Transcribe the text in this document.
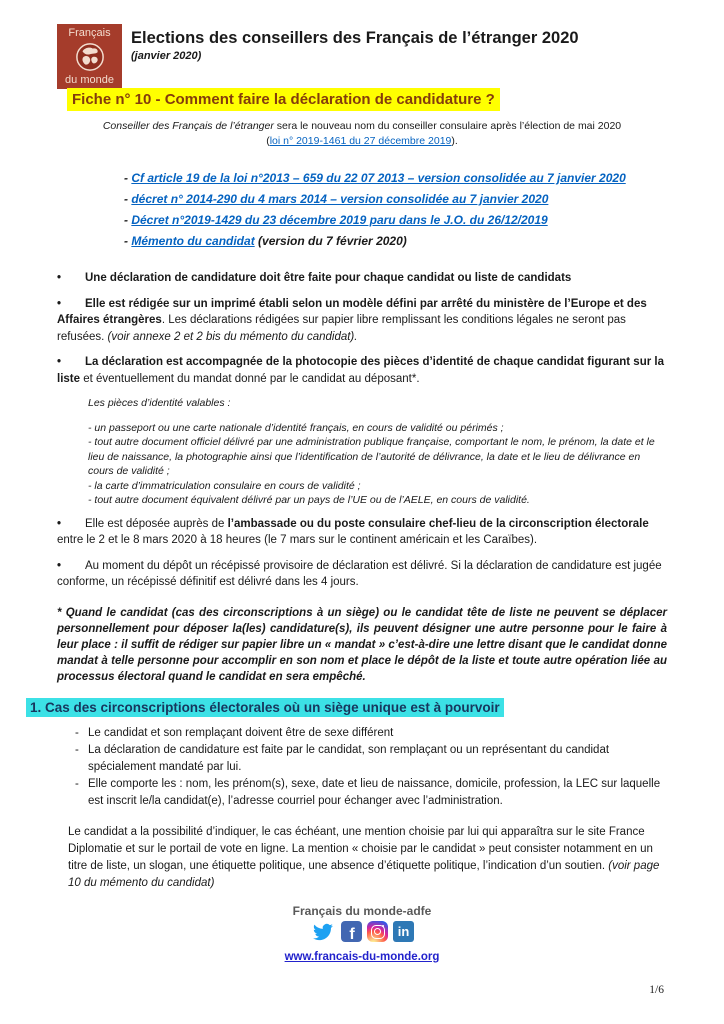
Français
du monde
Elections des conseillers des Français de l’étranger 2020
(janvier 2020)
Fiche n° 10 - Comment faire la déclaration de candidature ?
Conseiller des Français de l’étranger sera le nouveau nom du conseiller consulaire après l’élection de mai 2020
(loi n° 2019-1461 du 27 décembre 2019).
- Cf article 19 de la loi n°2013 – 659 du 22 07 2013 – version consolidée au 7 janvier 2020
- décret n° 2014-290 du 4 mars 2014 – version consolidée au 7 janvier 2020
- Décret n°2019-1429 du 23 décembre 2019 paru dans le J.O. du 26/12/2019
- Mémento du candidat (version du 7 février 2020)
• Une déclaration de candidature doit être faite pour chaque candidat ou liste de candidats
• Elle est rédigée sur un imprimé établi selon un modèle défini par arrêté du ministère de l’Europe et des Affaires étrangères. Les déclarations rédigées sur papier libre remplissant les conditions légales ne seront pas refusées. (voir annexe 2 et 2 bis du mémento du candidat).
• La déclaration est accompagnée de la photocopie des pièces d’identité de chaque candidat figurant sur la liste et éventuellement du mandat donné par le candidat au déposant*.
Les pièces d’identité valables :
- un passeport ou une carte nationale d’identité français, en cours de validité ou périmés ;
- tout autre document officiel délivré par une administration publique française, comportant le nom, le prénom, la date et le lieu de naissance, la photographie ainsi que l’identification de l’autorité de délivrance, la date et le lieu de délivrance en cours de validité ;
- la carte d’immatriculation consulaire en cours de validité ;
- tout autre document équivalent délivré par un pays de l’UE ou de l’AELE, en cours de validité.
• Elle est déposée auprès de l’ambassade ou du poste consulaire chef-lieu de la circonscription électorale entre le 2 et le 8 mars 2020 à 18 heures (le 7 mars sur le continent américain et les Caraïbes).
• Au moment du dépôt un récépissé provisoire de déclaration est délivré. Si la déclaration de candidature est jugée conforme, un récépissé définitif est délivré dans les 4 jours.
* Quand le candidat (cas des circonscriptions à un siège) ou le candidat tête de liste ne peuvent se déplacer personnellement pour déposer la(les) candidature(s), ils peuvent désigner une autre personne pour le faire à leur place : il suffit de rédiger sur papier libre un « mandat » c’est-à-dire une lettre disant que le candidat donne mandat à telle personne pour accomplir en son nom et place le dépôt de la liste et toute autre opération liée au processus électoral quand le candidat en sera empêché.
1. Cas des circonscriptions électorales où un siège unique est à pourvoir
- Le candidat et son remplaçant doivent être de sexe différent
- La déclaration de candidature est faite par le candidat, son remplaçant ou un représentant du candidat spécialement mandaté par lui.
- Elle comporte les : nom, les prénom(s), sexe, date et lieu de naissance, domicile, profession, la LEC sur laquelle est inscrit le/la candidat(e), l’adresse courriel pour échanger avec l’administration.
Le candidat a la possibilité d’indiquer, le cas échéant, une mention choisie par lui qui apparaîtra sur le site France Diplomatie et sur le portail de vote en ligne. La mention « choisie par le candidat » peut consister notamment en un titre de liste, un slogan, une étiquette politique, une absence d’étiquette politique, l’indication d’un soutien. (voir page 10 du mémento du candidat)
Français du monde-adfe
f	in
www.francais-du-monde.org
1/6
